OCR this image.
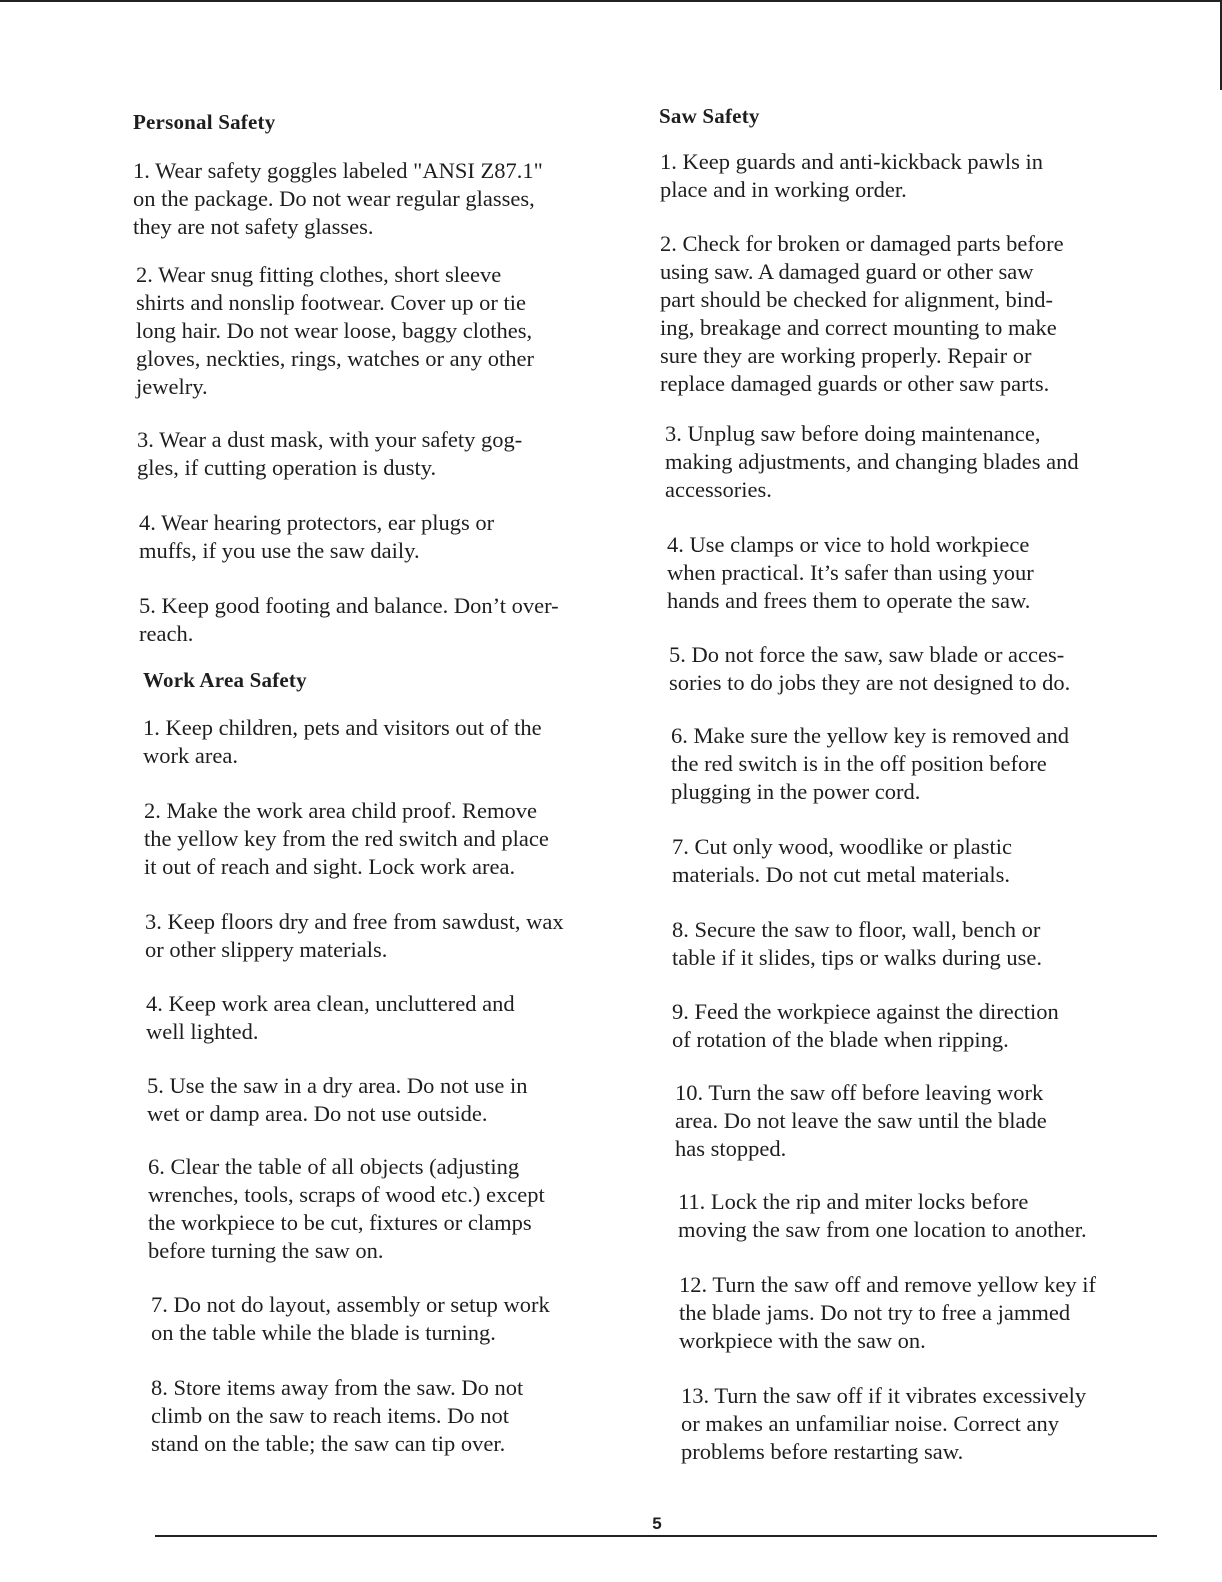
Personal Safety

1. Wear safety goggles labeled "ANSI Z87.1"
on the package. Do not wear regular glasses,
they are not safety glasses.

2. Wear snug fitting clothes, short sleeve
shirts and nonslip footwear. Cover up or tie
long hair. Do not wear loose, baggy clothes,
gloves, neckties, rings, watches or any other
jewelry.

3. Wear a dust mask, with your safety gog-
gles, if cutting operation is dusty.

4. Wear hearing protectors, ear plugs or
muffs, if you use the saw daily.

5. Keep good footing and balance. Don’t over-
reach.

Work Area Safety

1. Keep children, pets and visitors out of the
work area.

2. Make the work area child proof. Remove
the yellow key from the red switch and place
it out of reach and sight. Lock work area.

3. Keep floors dry and free from sawdust, wax
or other slippery materials.

4. Keep work area clean, uncluttered and
well lighted.

5. Use the saw in a dry area. Do not use in
wet or damp area. Do not use outside.

6. Clear the table of all objects (adjusting
wrenches, tools, scraps of wood etc.) except
the workpiece to be cut, fixtures or clamps
before turning the saw on.

7. Do not do layout, assembly or setup work
on the table while the blade is turning.

8. Store items away from the saw. Do not
climb on the saw to reach items. Do not
stand on the table; the saw can tip over.

Saw Safety

1. Keep guards and anti-kickback pawls in
place and in working order.

2. Check for broken or damaged parts before
using saw. A damaged guard or other saw
part should be checked for alignment, bind-
ing, breakage and correct mounting to make
sure they are working properly. Repair or
replace damaged guards or other saw parts.

3. Unplug saw before doing maintenance,
making adjustments, and changing blades and
accessories.

4. Use clamps or vice to hold workpiece
when practical. It’s safer than using your
hands and frees them to operate the saw.

5. Do not force the saw, saw blade or acces-
sories to do jobs they are not designed to do.

6. Make sure the yellow key is removed and
the red switch is in the off position before
plugging in the power cord.

7. Cut only wood, woodlike or plastic
materials. Do not cut metal materials.

8. Secure the saw to floor, wall, bench or
table if it slides, tips or walks during use.

9. Feed the workpiece against the direction
of rotation of the blade when ripping.

10. Turn the saw off before leaving work
area. Do not leave the saw until the blade
has stopped.

11. Lock the rip and miter locks before
moving the saw from one location to another.

12. Turn the saw off and remove yellow key if
the blade jams. Do not try to free a jammed
workpiece with the saw on.

13. Turn the saw off if it vibrates excessively
or makes an unfamiliar noise. Correct any
problems before restarting saw.

5
